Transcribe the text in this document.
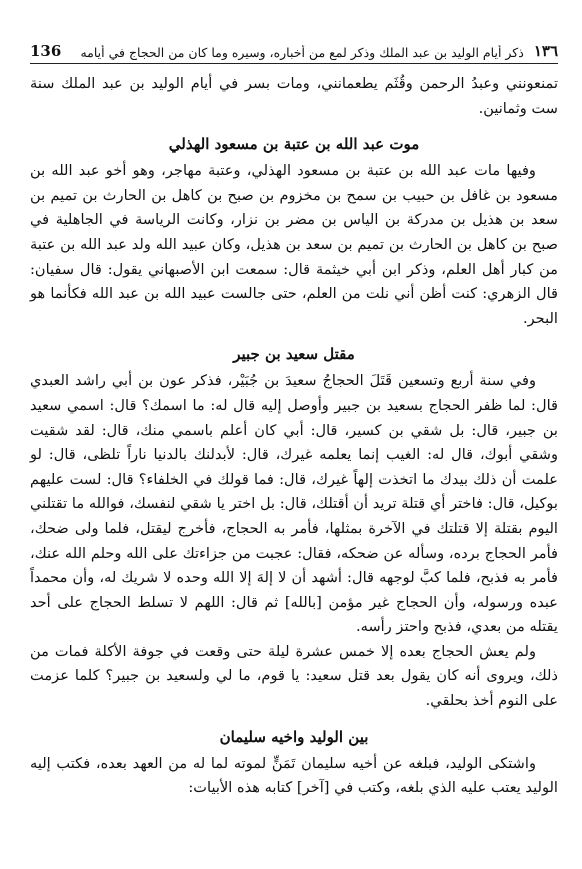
١٣٦
ذكر أيام الوليد بن عبد الملك وذكر لمع من أخباره، وسيره وما كان من الحجاج في أيامه
136

تمنعونني وعبدُ الرحمن وقُثَم يطعمانني، ومات بسر في أيام الوليد بن عبد الملك سنة ست وثمانين.

موت عبد الله بن عتبة بن مسعود الهذلي

وفيها مات عبد الله بن عتبة بن مسعود الهذلي، وعتبة مهاجر، وهو أخو عبد الله بن مسعود بن غافل بن حبيب بن سمح بن مخزوم بن صبح بن كاهل بن الحارث بن تميم بن سعد بن هذيل بن مدركة بن الياس بن مضر بن نزار، وكانت الرياسة في الجاهلية في صبح بن كاهل بن الحارث بن تميم بن سعد بن هذيل، وكان عبيد الله ولد عبد الله بن عتبة من كبار أهل العلم، وذكر ابن أبي خيثمة قال: سمعت ابن الأصبهاني يقول: قال سفيان: قال الزهري: كنت أظن أني نلت من العلم، حتى جالست عبيد الله بن عبد الله فكأنما هو البحر.

مقتل سعيد بن جبير

وفي سنة أربع وتسعين قَتَلَ الحجاجُ سعيدَ بن جُبَيْر، فذكر عون بن أبي راشد العبدي قال: لما ظفر الحجاج بسعيد بن جبير وأوصل إليه قال له: ما اسمك؟ قال: اسمي سعيد بن جبير، قال: بل شقي بن كسير، قال: أبي كان أعلم باسمي منك، قال: لقد شقيت وشقي أبوك، قال له: الغيب إنما يعلمه غيرك، قال: لأبدلنك بالدنيا ناراً تلظى، قال: لو علمت أن ذلك بيدك ما اتخذت إلهاً غيرك، قال: فما قولك في الخلفاء؟ قال: لست عليهم بوكيل، قال: فاختر أي قتلة تريد أن أقتلك، قال: بل اختر يا شقي لنفسك، فوالله ما تقتلني اليوم بقتلة إلا قتلتك في الآخرة بمثلها، فأمر به الحجاج، فأخرج ليقتل، فلما ولى ضحك، فأمر الحجاج برده، وسأله عن ضحكه، فقال: عجبت من جزاءتك على الله وحلم الله عنك، فأمر به فذبح، فلما كبَّ لوجهه قال: أشهد أن لا إلهَ إلا الله وحده لا شريك له، وأن محمداً عبده ورسوله، وأن الحجاج غير مؤمن [بالله] ثم قال: اللهم لا تسلط الحجاج على أحد يقتله من بعدي، فذبح واحتز رأسه.

ولم يعش الحجاج بعده إلا خمس عشرة ليلة حتى وقعت في جوفة الأكلة فمات من ذلك، ويروى أنه كان يقول بعد قتل سعيد: يا قوم، ما لي ولسعيد بن جبير؟ كلما عزمت على النوم أخذ بحلقي.

بين الوليد واخيه سليمان

واشتكى الوليد، فبلغه عن أخيه سليمان تَمَنٍّ لموته لما له من العهد بعده، فكتب إليه الوليد يعتب عليه الذي بلغه، وكتب في [آخر] كتابه هذه الأبيات:
